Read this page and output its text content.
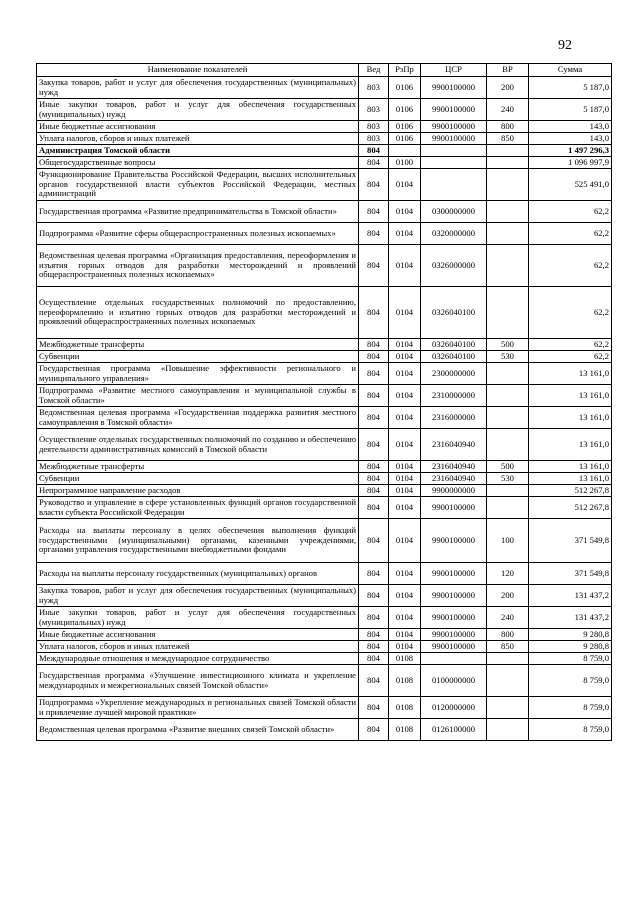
92
Наименование показателей	Вед	РзПр	ЦСР	ВР	Сумма
Закупка товаров, работ и услуг для обеспечения государственных (муниципальных) нужд	803	0106	9900100000	200	5 187,0
Иные закупки товаров, работ и услуг для обеспечения государственных (муниципальных) нужд	803	0106	9900100000	240	5 187,0
Иные бюджетные ассигнования	803	0106	9900100000	800	143,0
Уплата налогов, сборов и иных платежей	803	0106	9900100000	850	143,0
Администрация Томской области	804				1 497 296,3
Общегосударственные вопросы	804	0100			1 096 997,9
Функционирование Правительства Российской Федерации, высших исполнительных органов государственной власти субъектов Российской Федерации, местных администраций	804	0104			525 491,0
Государственная программа «Развитие предпринимательства в Томской области»	804	0104	0300000000		62,2
Подпрограмма «Развитие сферы общераспространенных полезных ископаемых»	804	0104	0320000000		62,2
Ведомственная целевая программа «Организация предоставления, переоформления и изъятия горных отводов для разработки месторождений и проявлений общераспространенных полезных ископаемых»	804	0104	0326000000		62,2
Осуществление отдельных государственных полномочий по предоставлению, переоформлению и изъятию горных отводов для разработки месторождений и проявлений общераспространенных полезных ископаемых	804	0104	0326040100		62,2
Межбюджетные трансферты	804	0104	0326040100	500	62,2
Субвенции	804	0104	0326040100	530	62,2
Государственная программа «Повышение эффективности регионального и муниципального управления»	804	0104	2300000000		13 161,0
Подпрограмма «Развитие местного самоуправления и муниципальной службы в Томской области»	804	0104	2310000000		13 161,0
Ведомственная целевая программа «Государственная поддержка развития местного самоуправления в Томской области»	804	0104	2316000000		13 161,0
Осуществление отдельных государственных полномочий по созданию и обеспечению деятельности административных комиссий в Томской области	804	0104	2316040940		13 161,0
Межбюджетные трансферты	804	0104	2316040940	500	13 161,0
Субвенции	804	0104	2316040940	530	13 161,0
Непрограммное направление расходов	804	0104	9900000000		512 267,8
Руководство и управление в сфере установленных функций органов государственной власти субъекта Российской Федерации	804	0104	9900100000		512 267,8
Расходы на выплаты персоналу в целях обеспечения выполнения функций государственными (муниципальными) органами, казенными учреждениями, органами управления государственными внебюджетными фондами	804	0104	9900100000	100	371 549,8
Расходы на выплаты персоналу государственных (муниципальных) органов	804	0104	9900100000	120	371 549,8
Закупка товаров, работ и услуг для обеспечения государственных (муниципальных) нужд	804	0104	9900100000	200	131 437,2
Иные закупки товаров, работ и услуг для обеспечения государственных (муниципальных) нужд	804	0104	9900100000	240	131 437,2
Иные бюджетные ассигнования	804	0104	9900100000	800	9 280,8
Уплата налогов, сборов и иных платежей	804	0104	9900100000	850	9 280,8
Международные отношения и международное сотрудничество	804	0108			8 759,0
Государственная программа «Улучшение инвестиционного климата и укрепление международных и межрегиональных связей Томской области»	804	0108	0100000000		8 759,0
Подпрограмма «Укрепление международных и региональных связей Томской области и привлечение лучшей мировой практики»	804	0108	0120000000		8 759,0
Ведомственная целевая программа «Развитие внешних связей Томской области»	804	0108	0126100000		8 759,0
